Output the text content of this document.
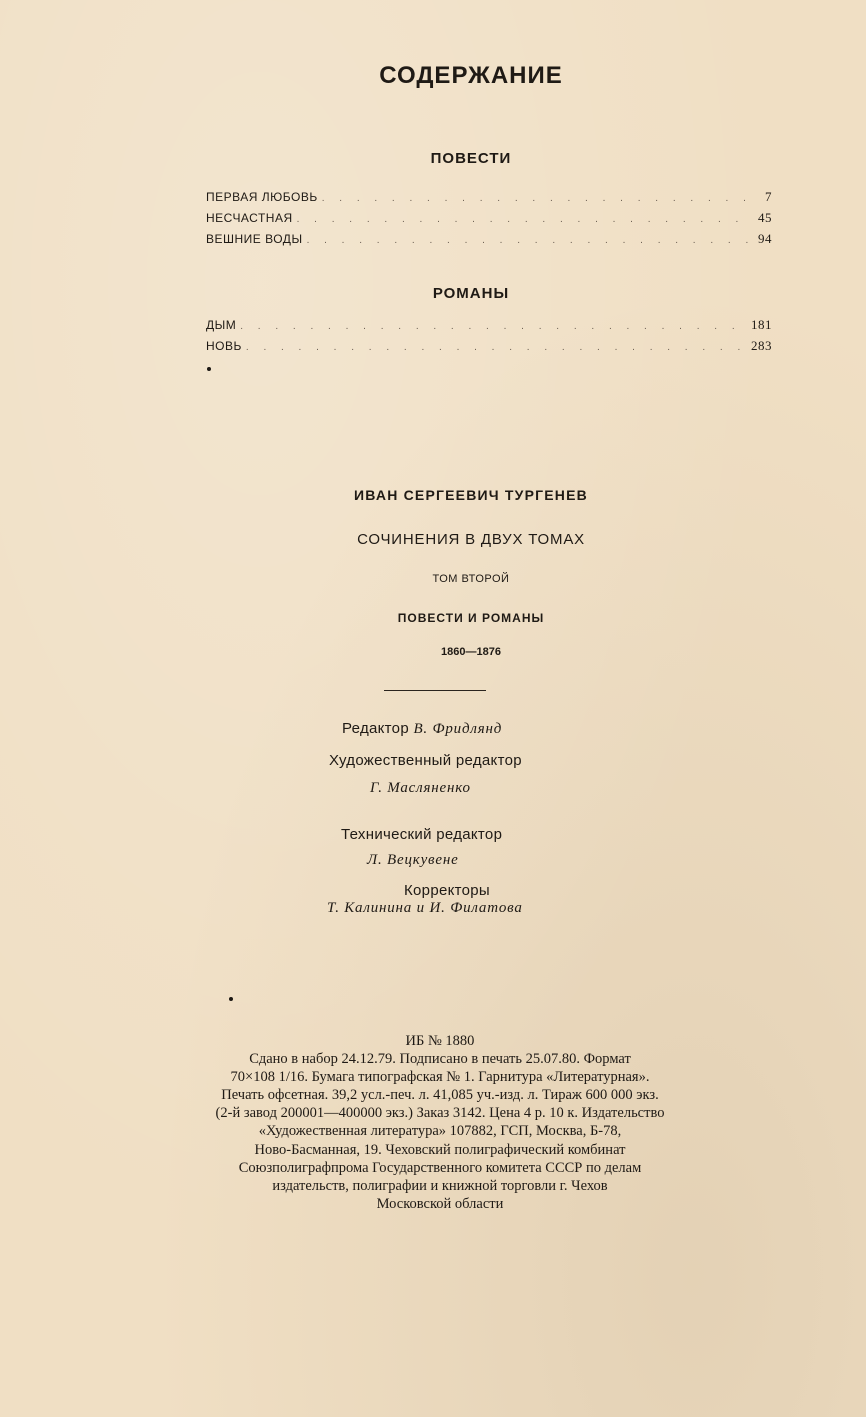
СОДЕРЖАНИЕ
ПОВЕСТИ
ПЕРВАЯ ЛЮБОВЬ . . .	7
НЕСЧАСТНАЯ . . .	45
ВЕШНИЕ ВОДЫ . . .	94
РОМАНЫ
ДЫМ . . .	181
НОВЬ . . .	283
ИВАН СЕРГЕЕВИЧ ТУРГЕНЕВ
СОЧИНЕНИЯ В ДВУХ ТОМАХ
ТОМ ВТОРОЙ
ПОВЕСТИ И РОМАНЫ
1860—1876
Редактор В. Фридлянд
Художественный редактор
Г. Масляненко
Технический редактор
Л. Вецкувене
Корректоры
Т. Калинина и И. Филатова
ИБ № 1880
Сдано в набор 24.12.79. Подписано в печать 25.07.80. Формат
70×108 1/16. Бумага типографская № 1. Гарнитура «Литературная».
Печать офсетная. 39,2 усл.-печ. л. 41,085 уч.-изд. л. Тираж 600 000 экз.
(2-й завод 200001—400000 экз.) Заказ 3142. Цена 4 р. 10 к. Издательство
«Художественная литература» 107882, ГСП, Москва, Б-78,
Ново-Басманная, 19. Чеховский полиграфический комбинат
Союзполиграфпрома Государственного комитета СССР по делам
издательств, полиграфии и книжной торговли г. Чехов
Московской области
